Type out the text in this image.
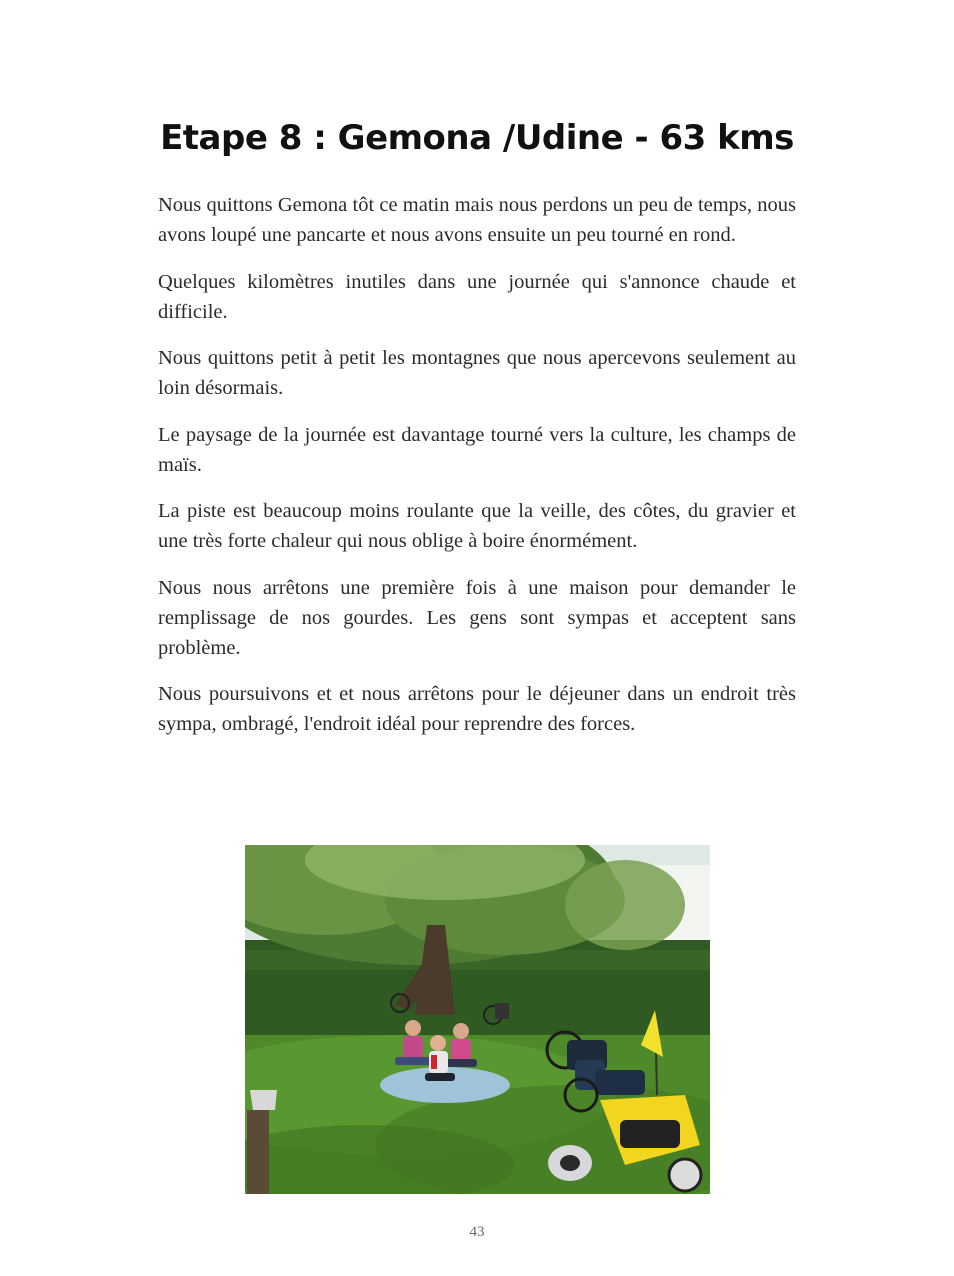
Etape 8 : Gemona /Udine - 63 kms

Nous quittons Gemona tôt ce matin mais nous perdons un peu de temps, nous avons loupé une pancarte et nous avons ensuite un peu tourné en rond.

Quelques kilomètres inutiles dans une journée qui s'annonce chaude et difficile.

Nous quittons petit à petit les montagnes que nous apercevons seulement au loin désormais.

Le paysage de la journée est davantage tourné vers la culture, les champs de maïs.

La piste est beaucoup moins roulante que la veille, des côtes, du gravier et une très forte chaleur qui nous oblige à boire énormément.

Nous nous arrêtons une première fois à une maison pour demander le remplissage de nos gourdes. Les gens sont sympas et acceptent sans problème.

Nous poursuivons et et nous arrêtons pour le déjeuner dans un endroit très sympa, ombragé, l'endroit idéal pour reprendre des forces.

43
